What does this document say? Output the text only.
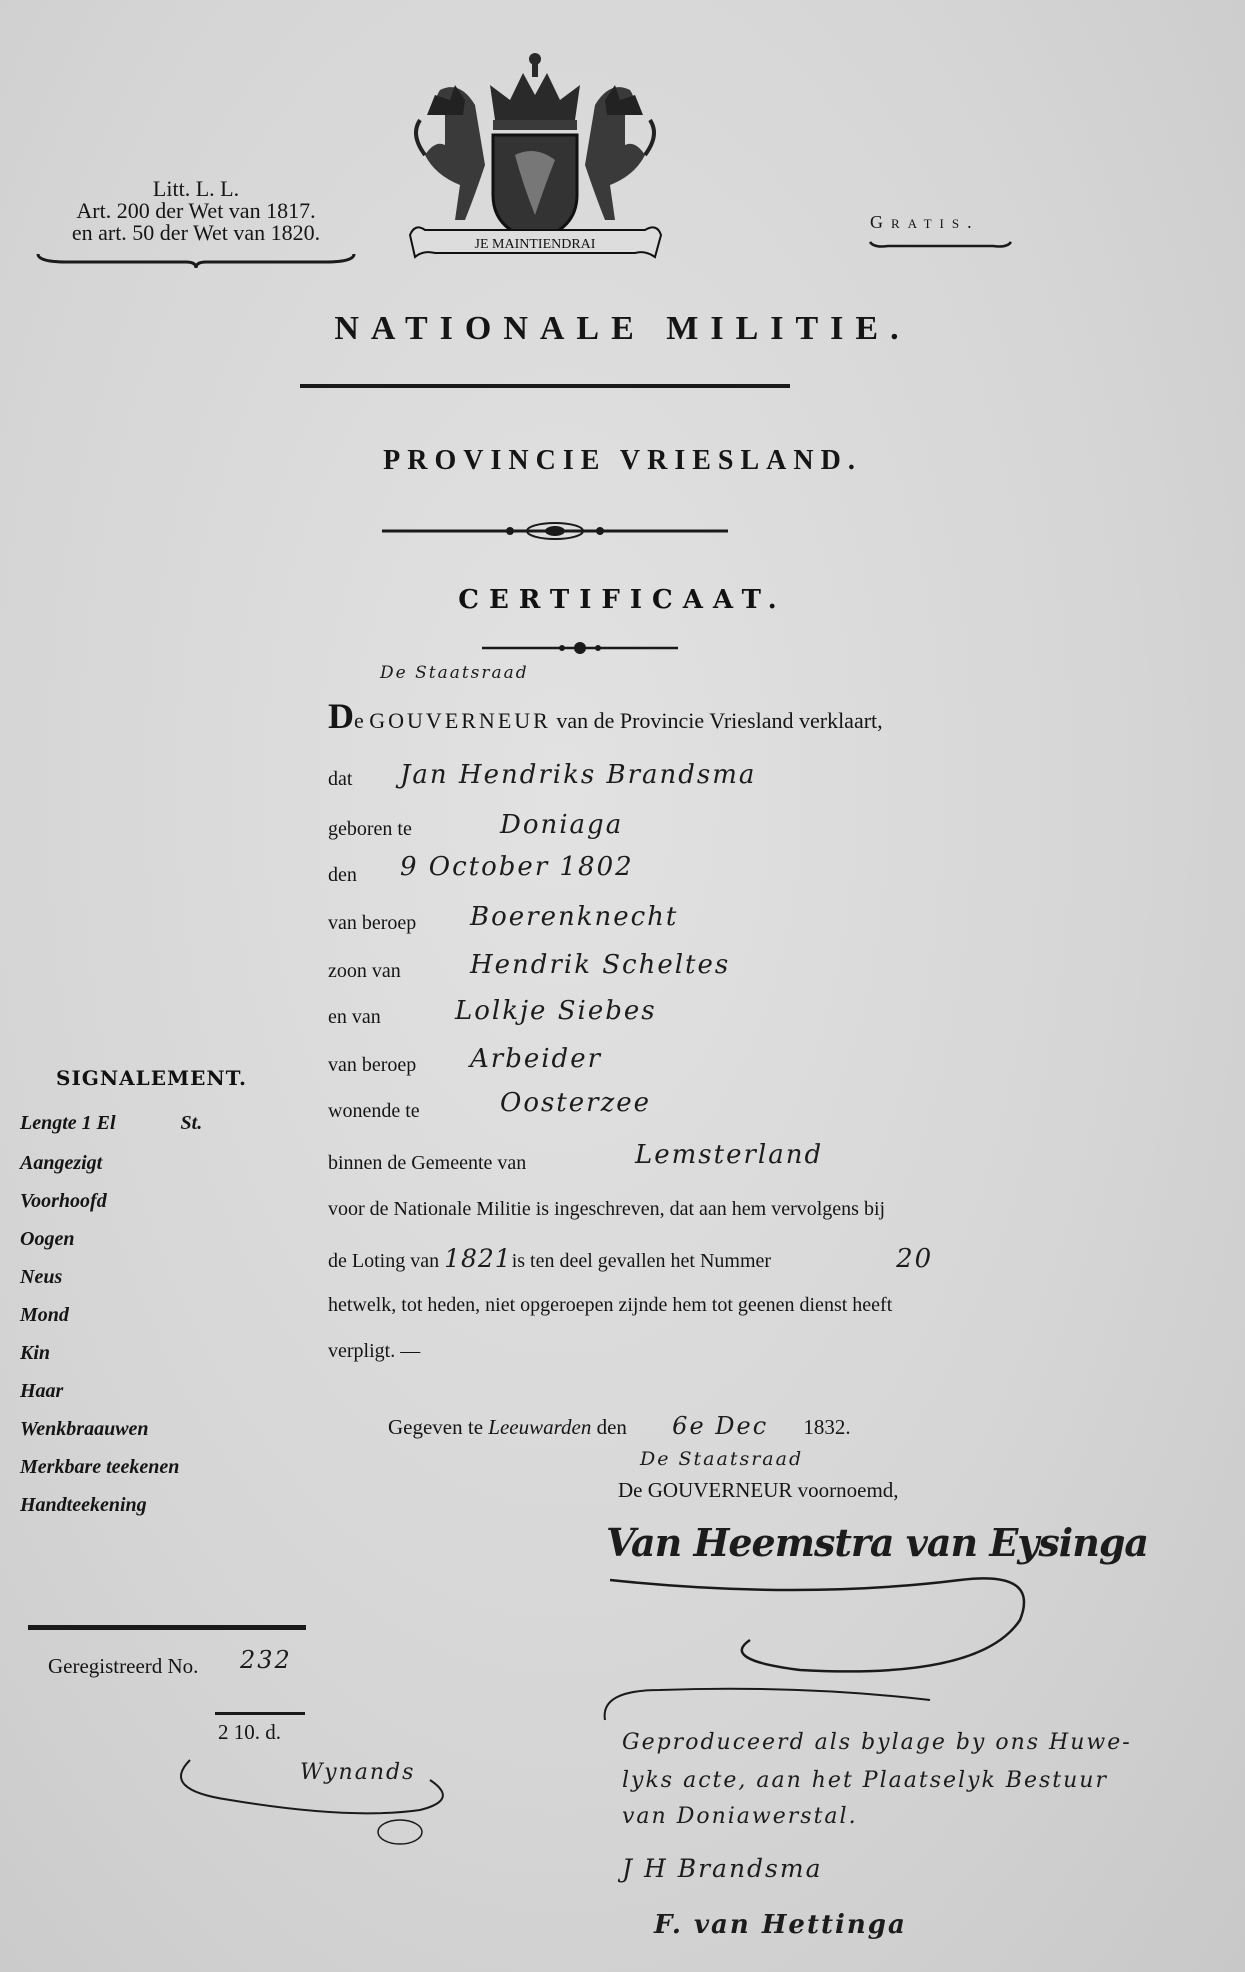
Litt. L. L.
Art. 200 der Wet van 1817.
en art. 50 der Wet van 1820.	JE MAINTIENDRAI
Gratis.
NATIONALE MILITIE.
PROVINCIE VRIESLAND.
CERTIFICAAT.
De Staatsraad
De GOUVERNEUR van de Provincie Vriesland verklaart,
dat Jan Hendriks Brandsma
geboren te	Doniaga
den 9 October 1802
van beroep Boerenknecht
zoon van	Hendrik Scheltes
en van	Lolkje Siebes
van beroep Arbeider
wonende te	Oosterzee
binnen de Gemeente van	Lemsterland
voor de Nationale Militie is ingeschreven, dat aan hem vervolgens bij
de Loting van 1821is ten deel gevallen het Nummer	20
hetwelk, tot heden, niet opgeroepen zijnde hem tot geenen dienst heeft
verpligt. —
SIGNALEMENT.
Lengte 1 El	St.
Aangezigt
Voorhoofd
Oogen
Neus
Mond
Kin
Haar
Wenkbraauwen
Merkbare teekenen
Handteekening
Gegeven te Leeuwarden den 6e Dec 1832.
De Staatsraad
De GOUVERNEUR voornoemd,
Van Heemstra van Eysinga
Geregistreerd No. 232
2 10. d.
Wynands
Geproduceerd als bylage by ons Huwe-
lyks acte, aan het Plaatselyk Bestuur
van Doniawerstal.
J H Brandsma
F. van Hettinga
